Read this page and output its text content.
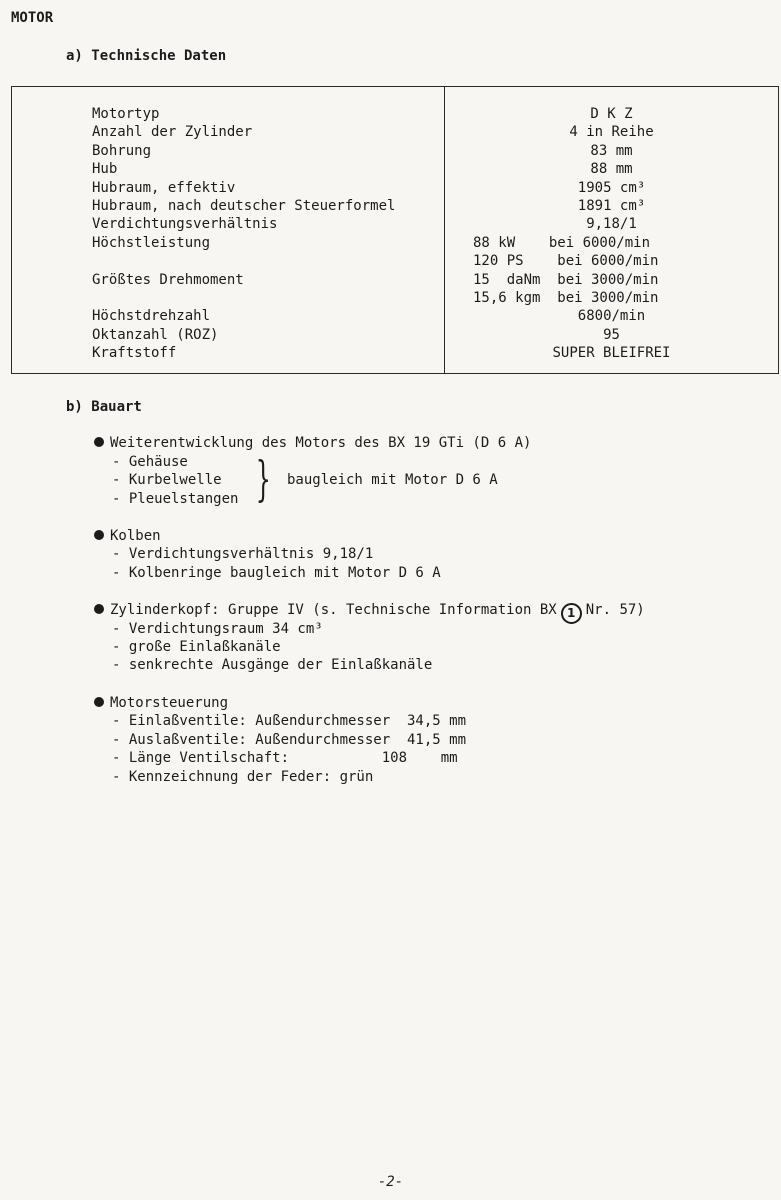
MOTOR
a) Technische Daten
Motortyp
Anzahl der Zylinder
Bohrung
Hub
Hubraum, effektiv
Hubraum, nach deutscher Steuerformel
Verdichtungsverhältnis
Höchstleistung
Größtes Drehmoment
Höchstdrehzahl
Oktanzahl (ROZ)
Kraftstoff
D K Z
4 in Reihe
83 mm
88 mm
1905 cm³
1891 cm³
9,18/1
88 kW    bei 6000/min
120 PS    bei 6000/min
15  daNm  bei 3000/min
15,6 kgm  bei 3000/min
6800/min
95
SUPER BLEIFREI
b) Bauart
Weiterentwicklung des Motors des BX 19 GTi (D 6 A)
- Gehäuse
- Kurbelwelle
- Pleuelstangen } baugleich mit Motor D 6 A
Kolben
- Verdichtungsverhältnis 9,18/1
- Kolbenringe baugleich mit Motor D 6 A
Zylinderkopf: Gruppe IV (s. Technische Information BX 1 Nr. 57)
- Verdichtungsraum 34 cm³
- große Einlaßkanäle
- senkrechte Ausgänge der Einlaßkanäle
Motorsteuerung
- Einlaßventile: Außendurchmesser  34,5 mm
- Auslaßventile: Außendurchmesser  41,5 mm
- Länge Ventilschaft:           108    mm
- Kennzeichnung der Feder: grün
-2-
